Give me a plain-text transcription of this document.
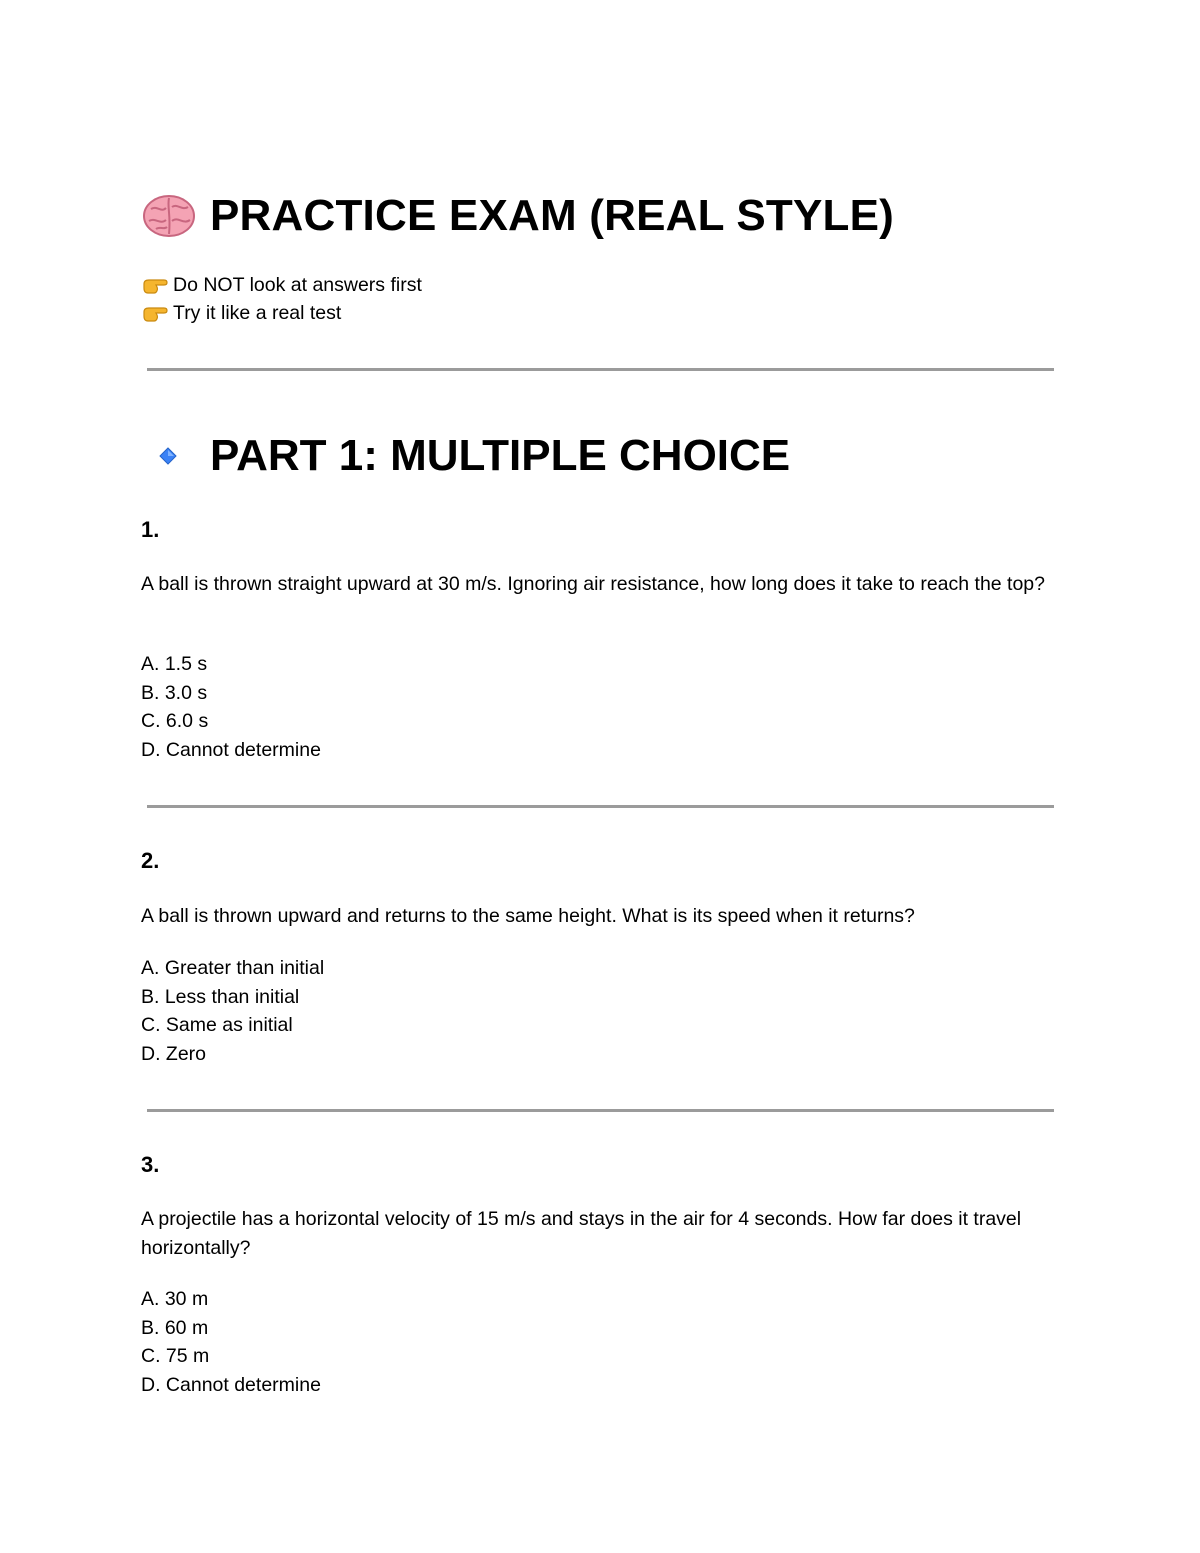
PRACTICE EXAM (REAL STYLE)
Do NOT look at answers first
Try it like a real test
PART 1: MULTIPLE CHOICE
1.
A ball is thrown straight upward at 30 m/s. Ignoring air resistance, how long does it take to reach the top?
A. 1.5 s
B. 3.0 s
C. 6.0 s
D. Cannot determine
2.
A ball is thrown upward and returns to the same height. What is its speed when it returns?
A. Greater than initial
B. Less than initial
C. Same as initial
D. Zero
3.
A projectile has a horizontal velocity of 15 m/s and stays in the air for 4 seconds. How far does it travel horizontally?
A. 30 m
B. 60 m
C. 75 m
D. Cannot determine
